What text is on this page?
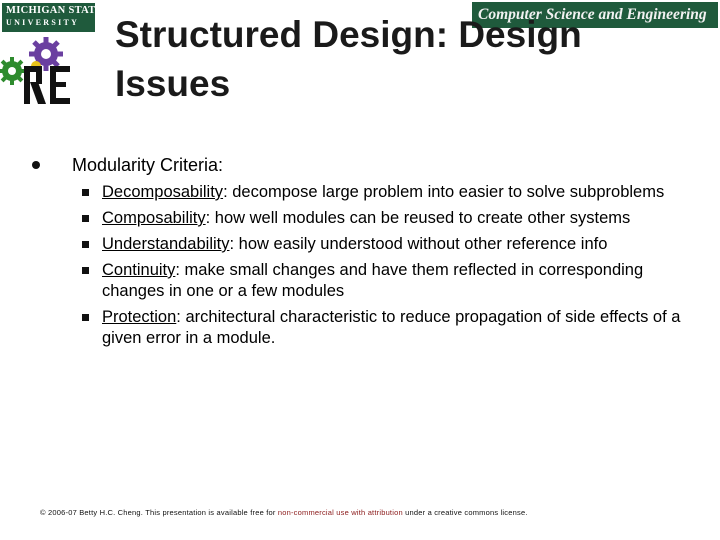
MICHIGAN STATE
UNIVERSITY	Computer Science and Engineering
Structured Design: Design
Issues
Modularity Criteria:
Decomposability: decompose large problem into easier to solve subproblems
Composability: how well modules can be reused to create other systems
Understandability: how easily understood without other reference info
Continuity: make small changes and have them reflected in corresponding changes in one or a few modules
Protection: architectural characteristic to reduce propagation of side effects of a given error in a module.
© 2006-07 Betty H.C. Cheng. This presentation is available free for non-commercial use with attribution under a creative commons license.
